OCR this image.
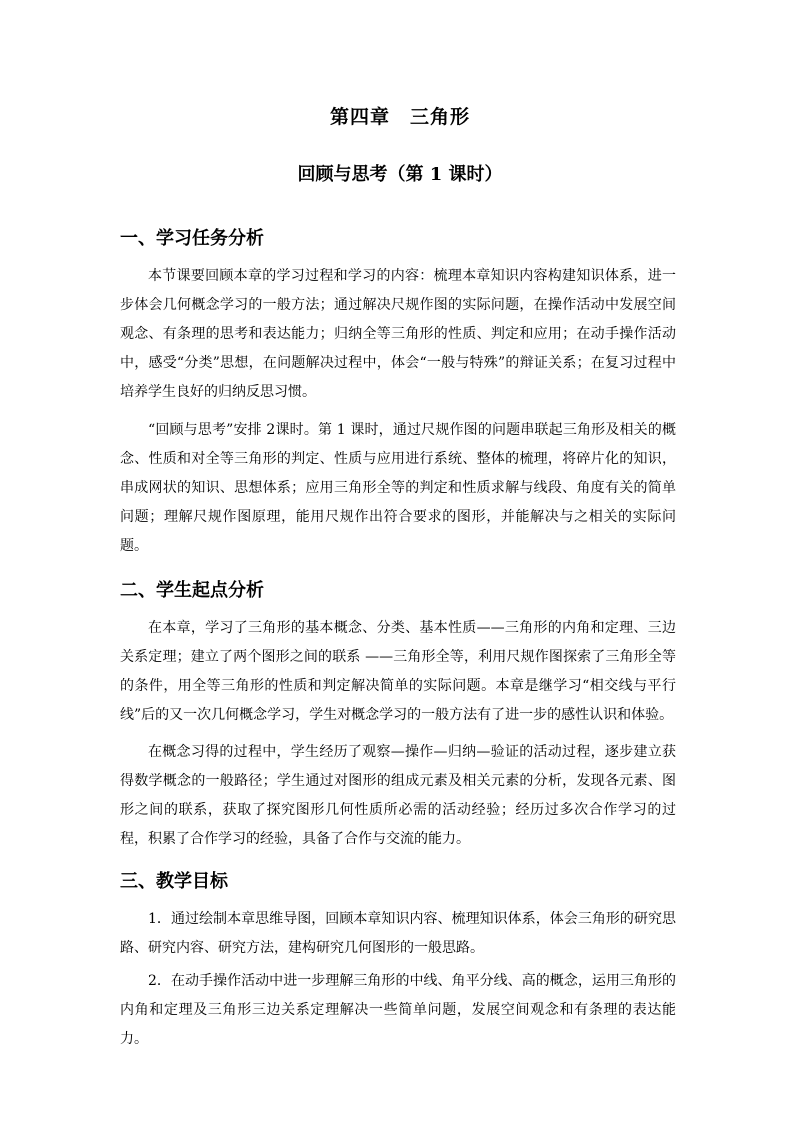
第四章　三角形
回顾与思考（第 1 课时）
一、学习任务分析

本节课要回顾本章的学习过程和学习的内容：梳理本章知识内容构建知识体系，进一步体会几何概念学习的一般方法；通过解决尺规作图的实际问题，在操作活动中发展空间观念、有条理的思考和表达能力；归纳全等三角形的性质、判定和应用；在动手操作活动中，感受“分类”思想，在问题解决过程中，体会“一般与特殊”的辩证关系；在复习过程中培养学生良好的归纳反思习惯。

“回顾与思考”安排 2课时。第 1 课时，通过尺规作图的问题串联起三角形及相关的概念、性质和对全等三角形的判定、性质与应用进行系统、整体的梳理，将碎片化的知识，串成网状的知识、思想体系；应用三角形全等的判定和性质求解与线段、角度有关的简单问题；理解尺规作图原理，能用尺规作出符合要求的图形，并能解决与之相关的实际问题。

二、学生起点分析

在本章，学习了三角形的基本概念、分类、基本性质——三角形的内角和定理、三边关系定理；建立了两个图形之间的联系 ——三角形全等，利用尺规作图探索了三角形全等的条件，用全等三角形的性质和判定解决简单的实际问题。本章是继学习“相交线与平行线”后的又一次几何概念学习，学生对概念学习的一般方法有了进一步的感性认识和体验。

在概念习得的过程中，学生经历了观察—操作—归纳—验证的活动过程，逐步建立获得数学概念的一般路径；学生通过对图形的组成元素及相关元素的分析，发现各元素、图形之间的联系，获取了探究图形几何性质所必需的活动经验；经历过多次合作学习的过程，积累了合作学习的经验，具备了合作与交流的能力。

三、教学目标

1．通过绘制本章思维导图，回顾本章知识内容、梳理知识体系，体会三角形的研究思路、研究内容、研究方法，建构研究几何图形的一般思路。

2．在动手操作活动中进一步理解三角形的中线、角平分线、高的概念，运用三角形的内角和定理及三角形三边关系定理解决一些简单问题，发展空间观念和有条理的表达能力。
